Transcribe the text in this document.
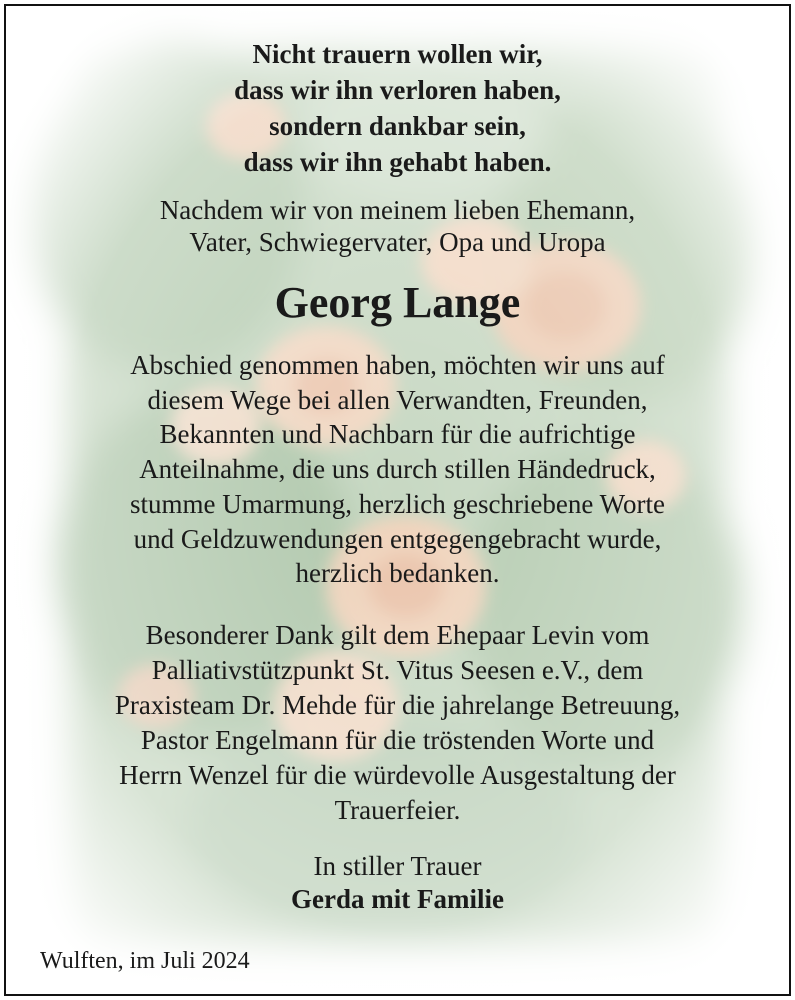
Nicht trauern wollen wir,
dass wir ihn verloren haben,
sondern dankbar sein,
dass wir ihn gehabt haben.
Nachdem wir von meinem lieben Ehemann,
Vater, Schwiegervater, Opa und Uropa
Georg Lange
Abschied genommen haben, möchten wir uns auf
diesem Wege bei allen Verwandten, Freunden,
Bekannten und Nachbarn für die aufrichtige
Anteilnahme, die uns durch stillen Händedruck,
stumme Umarmung, herzlich geschriebene Worte
und Geldzuwendungen entgegengebracht wurde,
herzlich bedanken.
Besonderer Dank gilt dem Ehepaar Levin vom
Palliativstützpunkt St. Vitus Seesen e.V., dem
Praxisteam Dr. Mehde für die jahrelange Betreuung,
Pastor Engelmann für die tröstenden Worte und
Herrn Wenzel für die würdevolle Ausgestaltung der
Trauerfeier.
In stiller Trauer
Gerda mit Familie
Wulften, im Juli 2024
